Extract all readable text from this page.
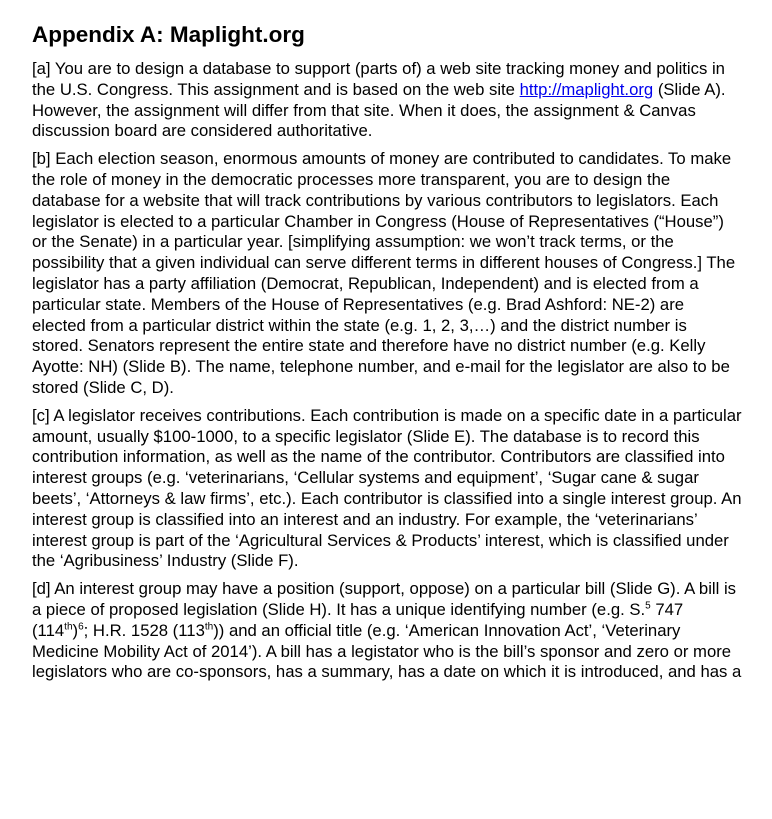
Appendix A: Maplight.org

[a] You are to design a database to support (parts of) a web site tracking money and politics in the U.S. Congress. This assignment and is based on the web site http://maplight.org (Slide A). However, the assignment will differ from that site. When it does, the assignment & Canvas discussion board are considered authoritative.

[b] Each election season, enormous amounts of money are contributed to candidates. To make the role of money in the democratic processes more transparent, you are to design the database for a website that will track contributions by various contributors to legislators. Each legislator is elected to a particular Chamber in Congress (House of Representatives (“House”) or the Senate) in a particular year. [simplifying assumption: we won’t track terms, or the possibility that a given individual can serve different terms in different houses of Congress.] The legislator has a party affiliation (Democrat, Republican, Independent) and is elected from a particular state. Members of the House of Representatives (e.g. Brad Ashford: NE-2) are elected from a particular district within the state (e.g. 1, 2, 3,…) and the district number is stored. Senators represent the entire state and therefore have no district number (e.g. Kelly Ayotte: NH) (Slide B). The name, telephone number, and e-mail for the legislator are also to be stored (Slide C, D).

[c] A legislator receives contributions. Each contribution is made on a specific date in a particular amount, usually $100-1000, to a specific legislator (Slide E). The database is to record this contribution information, as well as the name of the contributor. Contributors are classified into interest groups (e.g. ‘veterinarians, ‘Cellular systems and equipment’, ‘Sugar cane & sugar beets’, ‘Attorneys & law firms’, etc.). Each contributor is classified into a single interest group. An interest group is classified into an interest and an industry. For example, the ‘veterinarians’ interest group is part of the ‘Agricultural Services & Products’ interest, which is classified under the ‘Agribusiness’ Industry (Slide F).

[d] An interest group may have a position (support, oppose) on a particular bill (Slide G). A bill is a piece of proposed legislation (Slide H). It has a unique identifying number (e.g. S.$^5$ 747 $(114th)^6$; H.R. 1528 (113th)) and an official title (e.g. ‘American Innovation Act’, ‘Veterinary Medicine Mobility Act of 2014’). A bill has a legistator who is the bill’s sponsor and zero or more legislators who are co-sponsors, has a summary, has a date on which it is introduced, and has a
